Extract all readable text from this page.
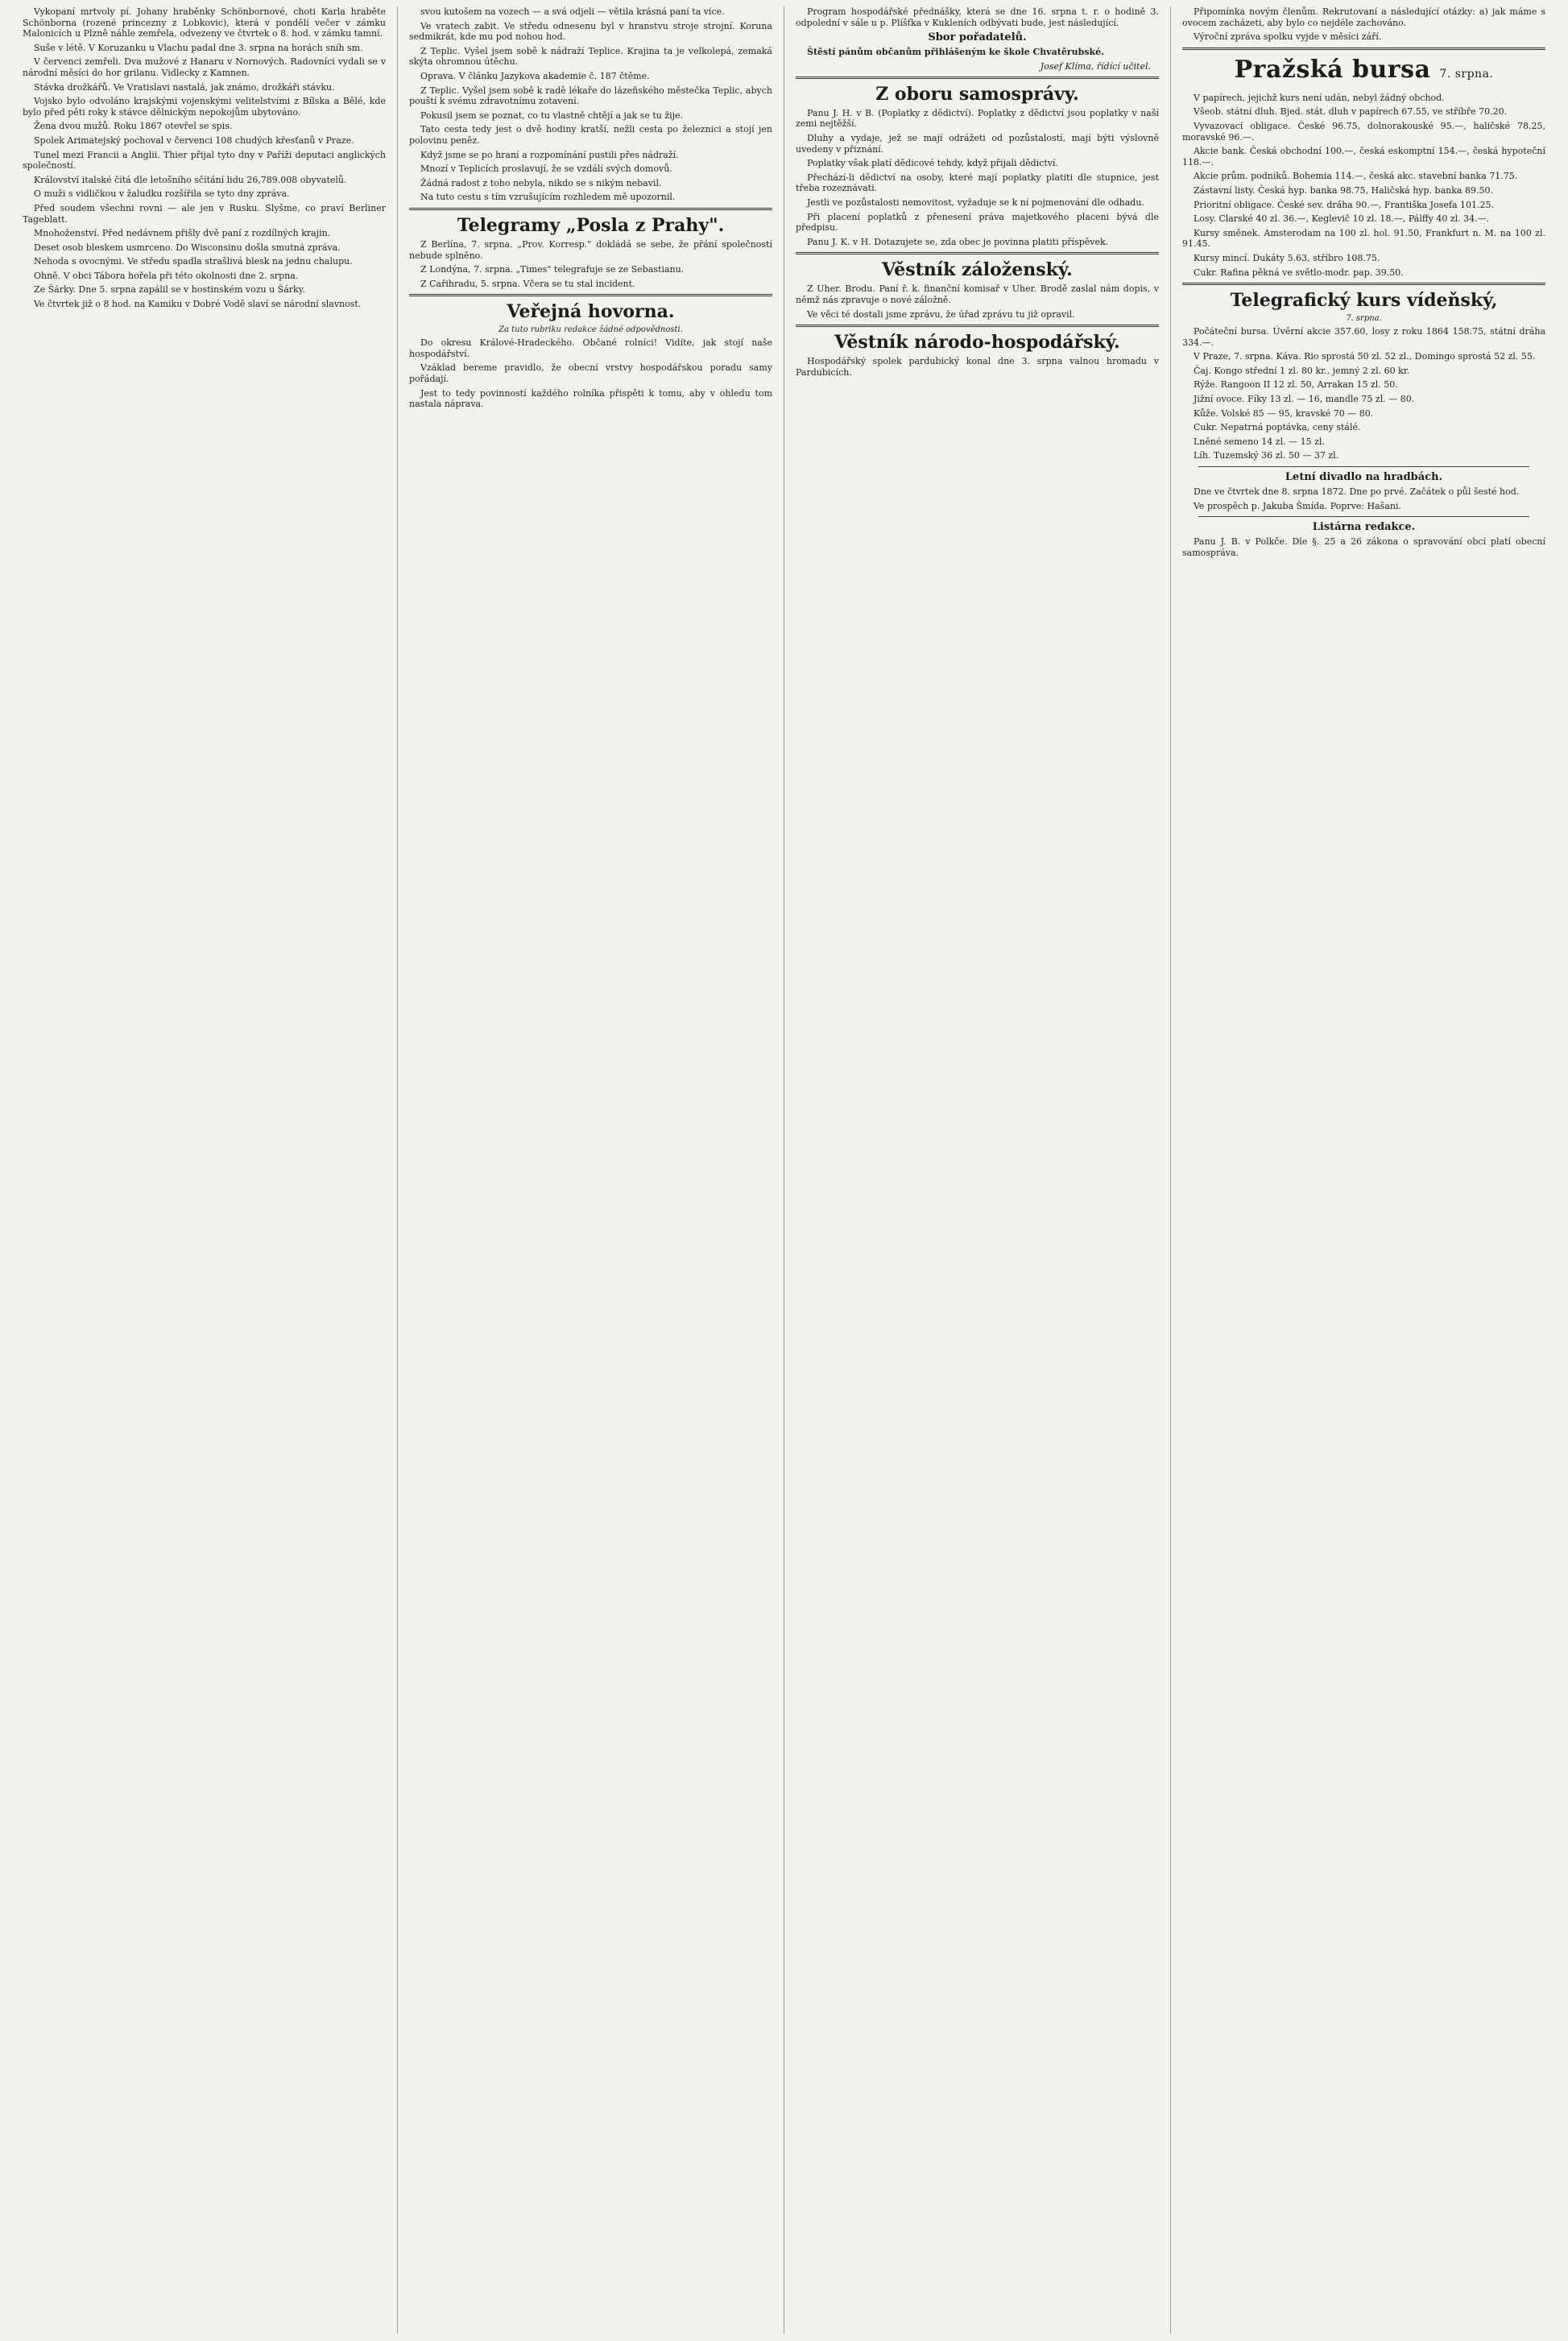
Vykopaní mrtvoly pí. Johany hraběnky Schönbornové, choti Karla hraběte Schönborna (rozené princezny z Lobkovic), která v pondělí večer v zámku Malonicích u Plzně náhle zemřela, odvezeny ve čtvrtek o 8. hod. v zámku tamní.

Suše v létě. V Koruzanku u Vlachu padal dne 3. srpna na horách sníh sm.

V červenci zemřeli. Dva mužové z Hanaru v Nornových. Radovníci vydali se v národní měsíci do hor grilanu. Vidlecky z Kamnen.

Stávka drožkářů. Ve Vratislavi nastalá, jak známo, drožkáři stávku.

Vojsko bylo odvoláno krajskými vojenskými velitelstvími z Bílska a Bělé, kde bylo před pěti roky k stávce dělnickým nepokojům ubytováno.

Žena dvou mužů. Roku 1867 otevřel se spis.

Spolek Arimatejský pochoval v červenci 108 chudých křesťanů v Praze.

Tunel mezi Francii a Anglii. Thier přijal tyto dny v Paříži deputaci anglických společností.

Království italské čítá dle letošního sčítání lidu 26,789.008 obyvatelů.

O muži s vidličkou v žaludku rozšířila se tyto dny zpráva.

Před soudem všechni rovni — ale jen v Rusku. Slyšme, co praví Berliner Tageblatt.

Mnohoženství. Před nedávnem přišly dvě paní z rozdílných krajin.

Deset osob bleskem usmrceno. Do Wisconsinu došla smutná zpráva.

Nehoda s ovocnými. Ve středu spadla strašlivá blesk na jednu chalupu.

Ohně. V obci Tábora hořela při této okolnosti dne 2. srpna.

Ze Šárky. Dne 5. srpna zapálil se v hostinském vozu u Šárky.

Ve čtvrtek již o 8 hod. na Kamiku v Dobré Vodě slaví se národní slavnost.

svou kutošem na vozech — a svá odjeli — větila krásná paní ta více.

Ve vratech zabit. Ve středu odnesenu byl v hranstvu stroje strojní. Koruna sedmikrát, kde mu pod nohou hod.

Z Teplic. Vyšel jsem sobě k nádraží Teplice. Krajina ta je velkolepá, zemaká skýta ohromnou útěchu.

Oprava. V článku Jazykova akademie č. 187 čtěme.

Z Teplic. Vyšel jsem sobě k radě lékaře do lázeňského městečka Teplic, abych pouští k svému zdravotnímu zotavení.

Pokusil jsem se poznat, co tu vlastně chtějí a jak se tu žije.

Tato cesta tedy jest o dvě hodiny kratší, nežli cesta po železnici a stojí jen polovinu peněz.

Když jsme se po hraní a rozpomínání pustili přes nádraží.

Mnozí v Teplicích proslavují, že se vzdálí svých domovů.

Žádná radost z toho nebyla, nikdo se s nikým nebavil.

Na tuto cestu s tím vzrušujícím rozhledem mě upozornil.

Telegramy „Posla z Prahy".

Z Berlína, 7. srpna. „Prov. Korresp." dokládá se sebe, že přání společností nebude splněno.

Z Londýna, 7. srpna. „Times" telegrafuje se ze Sebastianu.

Z Cařihradu, 5. srpna. Včera se tu stal incident.

Veřejná hovorna.
Za tuto rubriku redakce žádné odpovědnosti.

Do okresu Králové-Hradeckého. Občané rolníci! Vidíte, jak stojí naše hospodářství.

Vzáklad bereme pravidlo, že obecní vrstvy hospodářskou poradu samy pořádají.

Jest to tedy povinností každého rolníka přispěti k tomu, aby v ohledu tom nastala náprava.

Program hospodářské přednášky, která se dne 16. srpna t. r. o hodině 3. odpolední v sále u p. Plíšťka v Kukleních odbývati bude, jest následující.

Sbor pořadatelů.

Štěstí pánům občanům přihlášeným ke škole Chvatěrubské.

Josef Klíma, řídící učitel.
Z oboru samosprávy.

Panu J. H. v B. (Poplatky z dědictví). Poplatky z dědictví jsou poplatky v naší zemi nejtěžší.

Dluhy a vydaje, jež se mají odrážeti od pozůstalostí, mají býti výslovně uvedeny v přiznání.

Poplatky však platí dědicové tehdy, když přijali dědictví.

Přechází-li dědictví na osoby, které mají poplatky platiti dle stupnice, jest třeba rozeznávati.

Jestli ve pozůstalosti nemovitost, vyžaduje se k ní pojmenování dle odhadu.

Při placení poplatků z přenesení práva majetkového placeni bývá dle předpisu.

Panu J. K. v H. Dotazujete se, zda obec je povinna platiti příspěvek.

Věstník záloženský.

Z Uher. Brodu. Paní ř. k. finanční komisař v Uher. Brodě zaslal nám dopis, v němž nás zpravuje o nové záložně.

Ve věci té dostali jsme zprávu, že úřad zprávu tu již opravil.

Věstník národo-hospodářský.

Hospodářský spolek pardubický konal dne 3. srpna valnou hromadu v Pardubicích.

Připomínka novým členům. Rekrutovaní a následující otázky: a) jak máme s ovocem zacházeti, aby bylo co nejdéle zachováno.

Výroční zpráva spolku vyjde v měsíci září.

Pražská bursa 7. srpna.

V papírech, jejichž kurs není udán, nebyl žádný obchod.

Všeob. státní dluh. Bjed. stát. dluh v papírech 67.55, ve stříbře 70.20.

Vyvazovací obligace. České 96.75, dolnorakouské 95.—, haličské 78.25, moravské 96.—.

Akcie bank. Česká obchodní 100.—, česká eskomptní 154.—, česká hypoteční 118.—.

Akcie prům. podniků. Bohemia 114.—, česká akc. stavební banka 71.75.

Zástavní listy. Česká hyp. banka 98.75, Haličská hyp. banka 89.50.

Prioritní obligace. České sev. dráha 90.—, Františka Josefa 101.25.

Losy. Clarské 40 zl. 36.—, Keglevič 10 zl. 18.—, Pálffy 40 zl. 34.—.

Kursy směnek. Amsterodam na 100 zl. hol. 91.50, Frankfurt n. M. na 100 zl. 91.45.

Kursy mincí. Dukáty 5.63, stříbro 108.75.

Cukr. Rafina pěkná ve světlo-modr. pap. 39.50.

Telegrafický kurs vídeňský,
7. srpna.

Počáteční bursa. Úvěrní akcie 357.60, losy z roku 1864 158.75, státní dráha 334.—.

V Praze, 7. srpna. Káva. Rio sprostá 50 zl. 52 zl., Domingo sprostá 52 zl. 55.

Čaj. Kongo střední 1 zl. 80 kr., jemný 2 zl. 60 kr.

Rýže. Rangoon II 12 zl. 50, Arrakan 15 zl. 50.

Jižní ovoce. Fíky 13 zl. — 16, mandle 75 zl. — 80.

Kůže. Volské 85 — 95, kravské 70 — 80.

Cukr. Nepatrná poptávka, ceny stálé.

Lněné semeno 14 zl. — 15 zl.

Líh. Tuzemský 36 zl. 50 — 37 zl.

Letní divadlo na hradbách.

Dne ve čtvrtek dne 8. srpna 1872. Dne po prvé. Začátek o půl šesté hod.

Ve prospěch p. Jakuba Šmída. Poprve: Hašani.

Listárna redakce.

Panu J. B. v Polkče. Dle §. 25 a 26 zákona o spravování obcí platí obecní samospráva.
